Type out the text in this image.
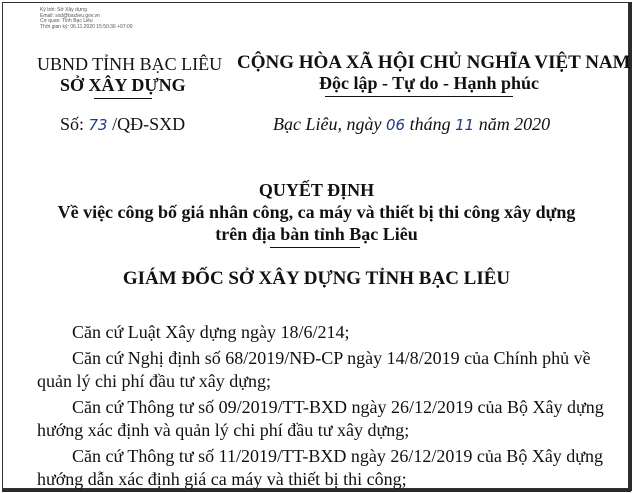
Ký bởi: Sở Xây dựng
Email: sxd@baclieu.gov.vn
Cơ quan: Tỉnh Bạc Liêu
Thời gian ký: 06.11.2020 15:50:36 +07:00
UBND TỈNH BẠC LIÊU
SỞ XÂY DỰNG
CỘNG HÒA XÃ HỘI CHỦ NGHĨA VIỆT NAM
Độc lập - Tự do - Hạnh phúc
Số: 73 /QĐ-SXD	Bạc Liêu, ngày 06 tháng 11 năm 2020
QUYẾT ĐỊNH
Về việc công bố giá nhân công, ca máy và thiết bị thi công xây dựng
trên địa bàn tỉnh Bạc Liêu
GIÁM ĐỐC SỞ XÂY DỰNG TỈNH BẠC LIÊU
Căn cứ Luật Xây dựng ngày 18/6/214;
Căn cứ Nghị định số 68/2019/NĐ-CP ngày 14/8/2019 của Chính phủ về
quản lý chi phí đầu tư xây dựng;
Căn cứ Thông tư số 09/2019/TT-BXD ngày 26/12/2019 của Bộ Xây dựng
hướng xác định và quản lý chi phí đầu tư xây dựng;
Căn cứ Thông tư số 11/2019/TT-BXD ngày 26/12/2019 của Bộ Xây dựng
hướng dẫn xác định giá ca máy và thiết bị thi công;
